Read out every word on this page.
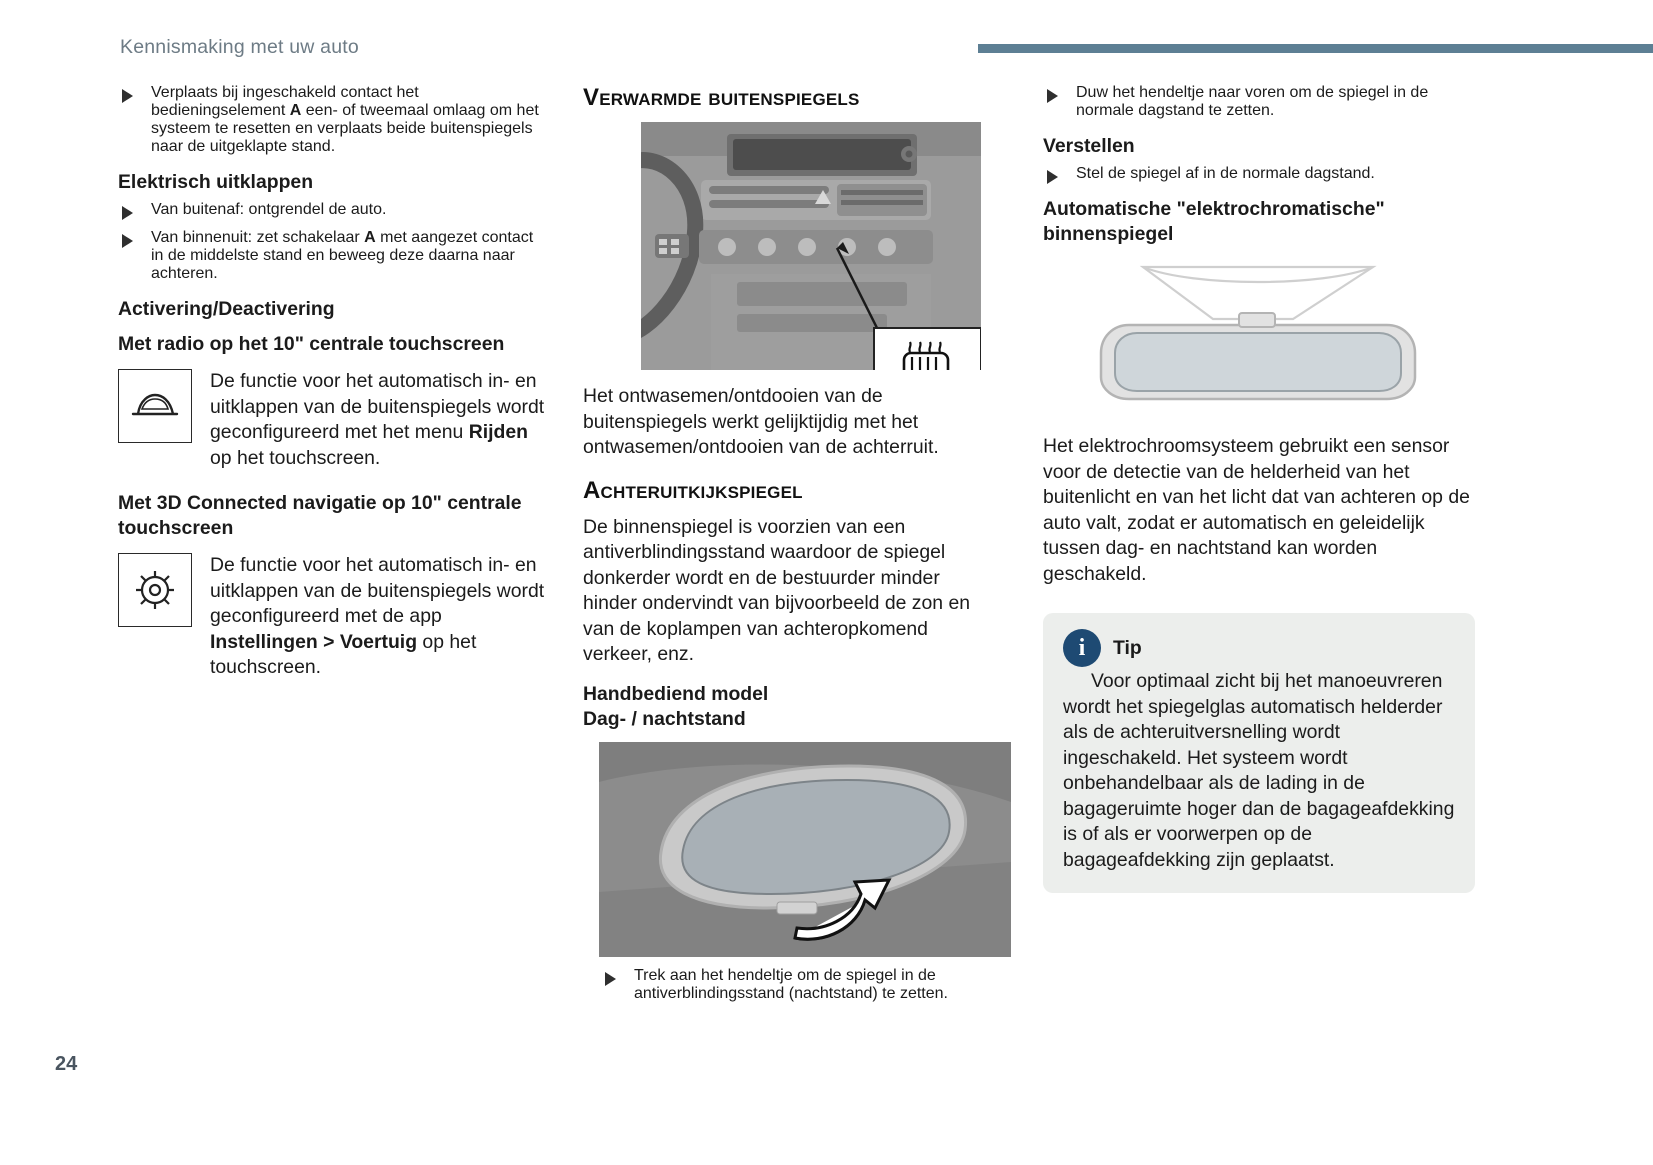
Kennismaking met uw auto
24
Verplaats bij ingeschakeld contact het bedieningselement A een- of tweemaal omlaag om het systeem te resetten en verplaats beide buitenspiegels naar de uitgeklapte stand.
Elektrisch uitklappen
Van buitenaf: ontgrendel de auto.
Van binnenuit: zet schakelaar A met aangezet contact in de middelste stand en beweeg deze daarna naar achteren.
Activering/Deactivering
Met radio op het 10" centrale touchscreen
De functie voor het automatisch in- en uitklappen van de buitenspiegels wordt geconfigureerd met het menu Rijden op het touchscreen.
Met 3D Connected navigatie op 10" centrale touchscreen
De functie voor het automatisch in- en uitklappen van de buitenspiegels wordt geconfigureerd met de app Instellingen > Voertuig op het touchscreen.
Verwarmde buitenspiegels

Het ontwasemen/ontdooien van de buitenspiegels werkt gelijktijdig met het ontwasemen/ontdooien van de achterruit.

Achteruitkijkspiegel

De binnenspiegel is voorzien van een antiverblindingsstand waardoor de spiegel donkerder wordt en de bestuurder minder hinder ondervindt van bijvoorbeeld de zon en van de koplampen van achteropkomend verkeer, enz.

Handbediend model
Dag- / nachtstand
Trek aan het hendeltje om de spiegel in de antiverblindingsstand (nachtstand) te zetten.
Duw het hendeltje naar voren om de spiegel in de normale dagstand te zetten.
Verstellen
Stel de spiegel af in de normale dagstand.
Automatische "elektrochromatische" binnenspiegel

Het elektrochroomsysteem gebruikt een sensor voor de detectie van de helderheid van het buitenlicht en van het licht dat van achteren op de auto valt, zodat er automatisch en geleidelijk tussen dag- en nachtstand kan worden geschakeld.

i	Tip
Voor optimaal zicht bij het manoeuvreren wordt het spiegelglas automatisch helderder als de achteruitversnelling wordt ingeschakeld. Het systeem wordt onbehandelbaar als de lading in de bagageruimte hoger dan de bagageafdekking is of als er voorwerpen op de bagageafdekking zijn geplaatst.
